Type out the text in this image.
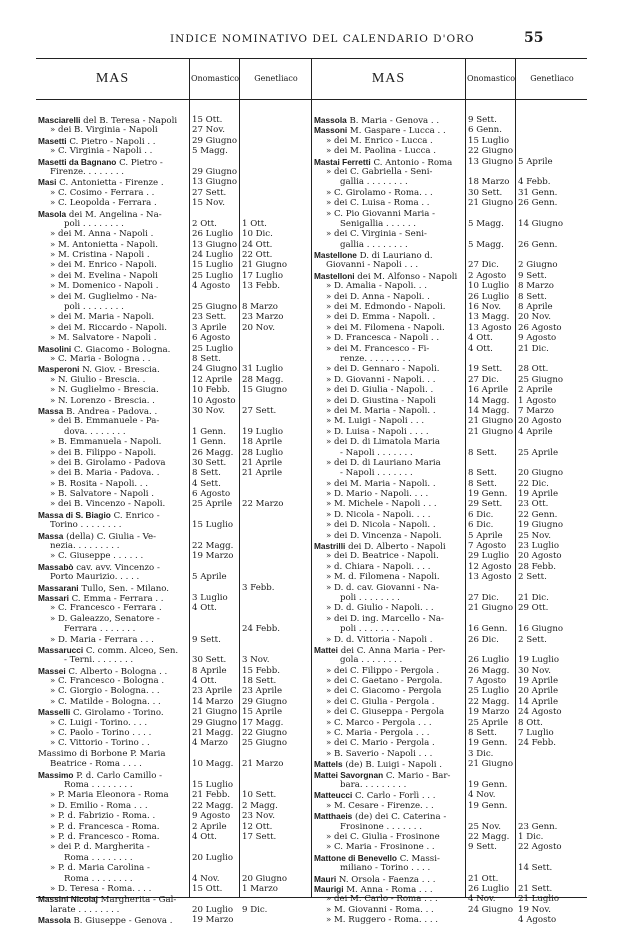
INDICE NOMINATIVO DEL CALENDARIO D'ORO	55
MAS	Onomastico	Genetliaco
Masciarelli del B. Teresa - Napoli	15 Ott.
» dei B. Virginia - Napoli	27 Nov.
Masetti C. Pietro - Napoli . .	29 Giugno
» C. Virginia - Napoli . .	5 Magg.
Masetti da Bagnano C. Pietro -
Firenze. . . . . . . .	29 Giugno
Masi C. Antonietta - Firenze .	13 Giugno
» C. Cosimo - Ferrara . .	27 Sett.
» C. Leopolda - Ferrara .	15 Nov.
Masola dei M. Angelina - Na-
poli . . . . . . . .	2 Ott.	1 Ott.
» dei M. Anna - Napoli .	26 Luglio	10 Dic.
» M. Antonietta - Napoli.	13 Giugno 24 Ott.
» M. Cristina - Napoli .	24 Luglio	22 Ott.
» dei M. Enrico - Napoli.	15 Luglio	21 Giugno
» dei M. Evelina - Napoli	25 Luglio	17 Luglio
» M. Domenico - Napoli .	4 Agosto	13 Febb.
» dei M. Guglielmo - Na-
poli . . . . . . . .	25 Giugno 8 Marzo
» dei M. Maria - Napoli.	23 Sett.	23 Marzo
» dei M. Riccardo - Napoli.	3 Aprile	20 Nov.
» M. Salvatore - Napoli .	6 Agosto
Masolini C. Giacomo - Bologna.	25 Luglio
» C. Maria - Bologna . .	8 Sett.
Masperoni N. Giov. - Brescia.	24 Giugno 31 Luglio
» N. Giulio - Brescia. .	12 Aprile	28 Magg.
» N. Guglielmo - Brescia.	10 Febb.	15 Giugno
» N. Lorenzo - Brescia. .	10 Agosto
Massa B. Andrea - Padova. .	30 Nov.	27 Sett.
» dei B. Emmanuele - Pa-
dova. . . . . . . .	1 Genn.	19 Luglio
» B. Emmanuela - Napoli.	1 Genn.	18 Aprile
» dei B. Filippo - Napoli.	26 Magg.	28 Luglio
» dei B. Girolamo - Padova	30 Sett.	21 Aprile
» dei B. Maria - Padova. .	8 Sett.	21 Aprile
» B. Rosita - Napoli. . .	4 Sett.
» B. Salvatore - Napoli .	6 Agosto
» dei B. Vincenzo - Napoli.	25 Aprile	22 Marzo
Massa di S. Biagio C. Enrico -
Torino . . . . . . . .	15 Luglio
Massa (della) C. Giulia - Ve-
nezia. . . . . . . . .	22 Magg.
» C. Giuseppe . . . . . .	19 Marzo
Massabò cav. avv. Vincenzo -
Porto Maurizio. . . . .	5 Aprile
Massarani Tullo, Sen. - Milano.	3 Febb.
Massari C. Emma - Ferrara . .	3 Luglio
» C. Francesco - Ferrara .	4 Ott.
» D. Galeazzo, Senatore -
Ferrara . . . . . . .	24 Febb.
» D. Maria - Ferrara . . .	9 Sett.
Massarucci C. comm. Alceo, Sen.
- Terni. . . . . . . .	30 Sett.	3 Nov.
Massei C. Alberto - Bologna . .	8 Aprile	15 Febb.
» C. Francesco - Bologna .	4 Ott.	18 Sett.
» C. Giorgio - Bologna. . .	23 Aprile	23 Aprile
» C. Matilde - Bologna. . .	14 Marzo 29 Giugno
Masselli C. Girolamo - Torino.	21 Giugno 15 Aprile
» C. Luigi - Torino. . . .	29 Giugno 17 Magg.
» C. Paolo - Torino . . . .	21 Magg.	22 Giugno
» C. Vittorio - Torino . .	4 Marzo	25 Giugno
Massimo di Borbone P. Maria
Beatrice - Roma . . . .	10 Magg.	21 Marzo
Massimo P. d. Carlo Camillo -
Roma . . . . . . . .	15 Luglio
» P. Maria Eleonora - Roma	21 Febb.	10 Sett.
» D. Emilio - Roma . . .	22 Magg.	2 Magg.
» P. d. Fabrizio - Roma. .	9 Agosto	23 Nov.
» P. d. Francesca - Roma.	2 Aprile	12 Ott.
» P. d. Francesco - Roma.	4 Ott.	17 Sett.
» dei P. d. Margherita -
Roma . . . . . . . .	20 Luglio
» P. d. Maria Carolina -
Roma . . . . . . . .	4 Nov.	20 Giugno
» D. Teresa - Roma. . . .	15 Ott.	1 Marzo
Massini Nicolaj Margherita - Gal-
larate . . . . . . . .	20 Luglio	9 Dic.
Massola B. Giuseppe - Genova .	19 Marzo
MAS	Onomastico	Genetliaco
Massola B. Maria - Genova . .	9 Sett.
Massoni M. Gaspare - Lucca . .	6 Genn.
» dei M. Enrico - Lucca .	15 Luglio
» dei M. Paolina - Lucca .	22 Giugno
Mastai Ferretti C. Antonio - Roma	13 Giugno 5 Aprile
» dei C. Gabriella - Seni-
gallia . . . . . . . .	18 Marzo 4 Febb.
» C. Girolamo - Roma. . .	30 Sett.	31 Genn.
» dei C. Luisa - Roma . .	21 Giugno 26 Genn.
» C. Pio Giovanni Maria -
Senigallia . . . . . .	5 Magg.	14 Giugno
» dei C. Virginia - Seni-
gallia . . . . . . . .	5 Magg.	26 Genn.
Mastellone D. di Lauriano d.
Giovanni - Napoli . . .	27 Dic.	2 Giugno
Mastelloni dei M. Alfonso - Napoli	2 Agosto	9 Sett.
» D. Amalia - Napoli. . .	10 Luglio	8 Marzo
» dei D. Anna - Napoli. .	26 Luglio	8 Sett.
» dei M. Edmondo - Napoli.	16 Nov.	8 Aprile
» dei D. Emma - Napoli. .	13 Magg.	20 Nov.
» dei M. Filomena - Napoli.	13 Agosto 26 Agosto
» D. Francesca - Napoli . .	4 Ott.	9 Agosto
» dei M. Francesco - Fi-	4 Ott.	21 Dic.
renze. . . . . . . . .
» dei D. Gennaro - Napoli.	19 Sett.	28 Ott.
» D. Giovanni - Napoli. . .	27 Dic.	25 Giugno
» dei D. Giulia - Napoli. .	16 Aprile	2 Aprile
» dei D. Giustina - Napoli	14 Magg.	1 Agosto
» dei M. Maria - Napoli. .	14 Magg.	7 Marzo
» M. Luigi - Napoli . . .	21 Giugno 20 Agosto
» D. Luisa - Napoli . . . .	21 Giugno 4 Aprile
» dei D. di Limatola Maria
- Napoli . . . . . . .	8 Sett.	25 Aprile
» dei D. di Lauriano Maria
- Napoli . . . . . . .	8 Sett.	20 Giugno
» dei M. Maria - Napoli. .	8 Sett.	22 Dic.
» D. Mario - Napoli. . . .	19 Genn.	19 Aprile
» M. Michele - Napoli . . .	29 Sett.	23 Ott.
» D. Nicola - Napoli. . . .	6 Dic.	22 Genn.
» dei D. Nicola - Napoli. .	6 Dic.	19 Giugno
» dei D. Vincenza - Napoli.	5 Aprile	25 Nov.
Mastrilli dei D. Alberto - Napoli	7 Agosto	23 Luglio
» dei D. Beatrice - Napoli.	29 Luglio	20 Agosto
» d. Chiara - Napoli. . . .	12 Agosto 28 Febb.
» M. d. Filomena - Napoli.	13 Agosto 2 Sett.
» D. d. cav. Giovanni - Na-
poli . . . . . . . .	27 Dic.	21 Dic.
» D. d. Giulio - Napoli. . .	21 Giugno 29 Ott.
» dei D. ing. Marcello - Na-
poli . . . . . . . .	16 Genn.	16 Giugno
» D. d. Vittoria - Napoli .	26 Dic.	2 Sett.
Mattei dei C. Anna Maria - Per-
gola . . . . . . . .	26 Luglio	19 Luglio
» dei C. Filippo - Pergola .	26 Magg.	30 Nov.
» dei C. Gaetano - Pergola.	7 Agosto	19 Aprile
» dei C. Giacomo - Pergola	25 Luglio	20 Aprile
» dei C. Giulia - Pergola .	22 Magg.	14 Aprile
» dei C. Giuseppa - Pergola	19 Marzo 24 Agosto
» C. Marco - Pergola . . .	25 Aprile	8 Ott.
» C. Maria - Pergola . . .	8 Sett.	7 Luglio
» dei C. Mario - Pergola .	19 Genn.	24 Febb.
» B. Saverio - Napoli . . .	3 Dic.
Mattels (de) B. Luigi - Napoli .	21 Giugno
Mattei Savorgnan C. Mario - Bar-
bara. . . . . . . . .	19 Genn.
Matteucci C. Carlo - Forlì . . .	4 Nov.
» M. Cesare - Firenze. . .	19 Genn.
Matthaeis (de) dei C. Caterina -
Frosinone . . . . . . .	25 Nov.	23 Genn.
» dei C. Giulia - Frosinone	22 Magg.	1 Dic.
» C. Maria - Frosinone . .	9 Sett.	22 Agosto
Mattone di Benevello C. Massi-
miliano - Torino . . . .	14 Sett.
Mauri N. Orsola - Faenza . . .	21 Ott.
Maurigi M. Anna - Roma . . .	26 Luglio	21 Sett.
» dei M. Carlo - Roma . . .	4 Nov.	21 Luglio
» M. Giovanni - Roma. . .	24 Giugno 19 Nov.
» M. Ruggero - Roma. . . .	4 Agosto
